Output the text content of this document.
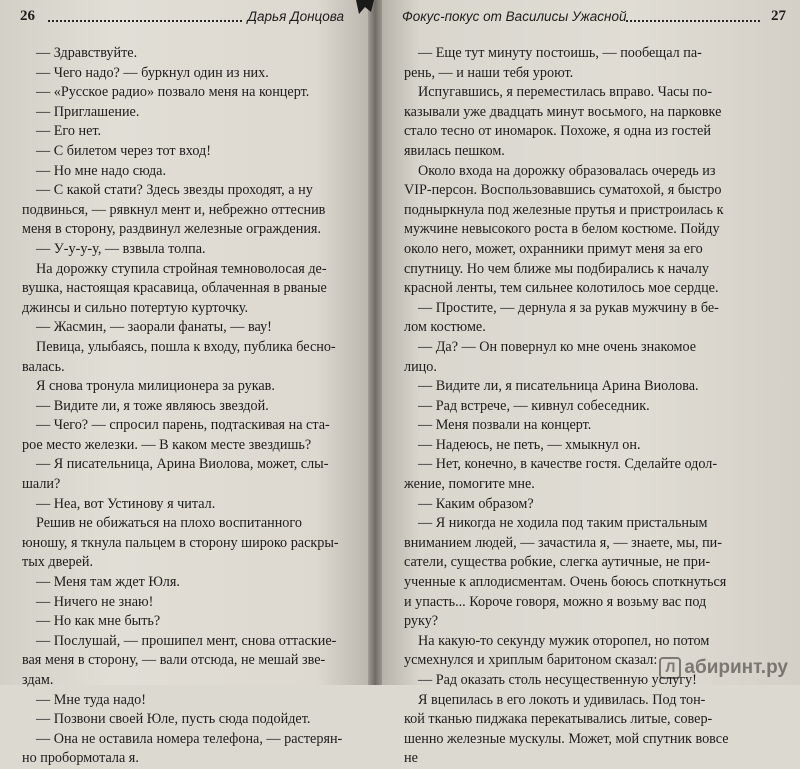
26	Дарья Донцова
— Здравствуйте.
— Чего надо? — буркнул один из них.
— «Русское радио» позвало меня на концерт.
— Приглашение.
— Его нет.
— С билетом через тот вход!
— Но мне надо сюда.
— С какой стати? Здесь звезды проходят, а ну
подвинься, — рявкнул мент и, небрежно оттеснив
меня в сторону, раздвинул железные ограждения.
— У-у-у-у, — взвыла толпа.
На дорожку ступила стройная темноволосая де-
вушка, настоящая красавица, облаченная в рваные
джинсы и сильно потертую курточку.
— Жасмин, — заорали фанаты, — вау!
Певица, улыбаясь, пошла к входу, публика бесно-
валась.
Я снова тронула милиционера за рукав.
— Видите ли, я тоже являюсь звездой.
— Чего? — спросил парень, подтаскивая на ста-
рое место железки. — В каком месте звездишь?
— Я писательница, Арина Виолова, может, слы-
шали?
— Неа, вот Устинову я читал.
Решив не обижаться на плохо воспитанного
юношу, я ткнула пальцем в сторону широко раскры-
тых дверей.
— Меня там ждет Юля.
— Ничего не знаю!
— Но как мне быть?
— Послушай, — прошипел мент, снова оттаские-
вая меня в сторону, — вали отсюда, не мешай зве-
здам.
— Мне туда надо!
— Позвони своей Юле, пусть сюда подойдет.
— Она не оставила номера телефона, — растерян-
но пробормотала я.
Фокус-покус от Василисы Ужасной	27
— Еще тут минуту постоишь, — пообещал па-
рень, — и наши тебя уроют.
Испугавшись, я переместилась вправо. Часы по-
казывали уже двадцать минут восьмого, на парковке
стало тесно от иномарок. Похоже, я одна из гостей
явилась пешком.
Около входа на дорожку образовалась очередь из
VIP-персон. Воспользовавшись суматохой, я быстро
подныркнула под железные прутья и пристроилась к
мужчине невысокого роста в белом костюме. Пойду
около него, может, охранники примут меня за его
спутницу. Но чем ближе мы подбирались к началу
красной ленты, тем сильнее колотилось мое сердце.
— Простите, — дернула я за рукав мужчину в бе-
лом костюме.
— Да? — Он повернул ко мне очень знакомое
лицо.
— Видите ли, я писательница Арина Виолова.
— Рад встрече, — кивнул собеседник.
— Меня позвали на концерт.
— Надеюсь, не петь, — хмыкнул он.
— Нет, конечно, в качестве гостя. Сделайте одол-
жение, помогите мне.
— Каким образом?
— Я никогда не ходила под таким пристальным
вниманием людей, — зачастила я, — знаете, мы, пи-
сатели, существа робкие, слегка аутичные, не при-
ученные к аплодисментам. Очень боюсь споткнуться
и упасть... Короче говоря, можно я возьму вас под
руку?
На какую-то секунду мужик оторопел, но потом
усмехнулся и хриплым баритоном сказал:
— Рад оказать столь несущественную услугу!
Я вцепилась в его локоть и удивилась. Под тон-
кой тканью пиджака перекатывались литые, совер-
шенно железные мускулы. Может, мой спутник вовсе
не
Л абиринт.ру
